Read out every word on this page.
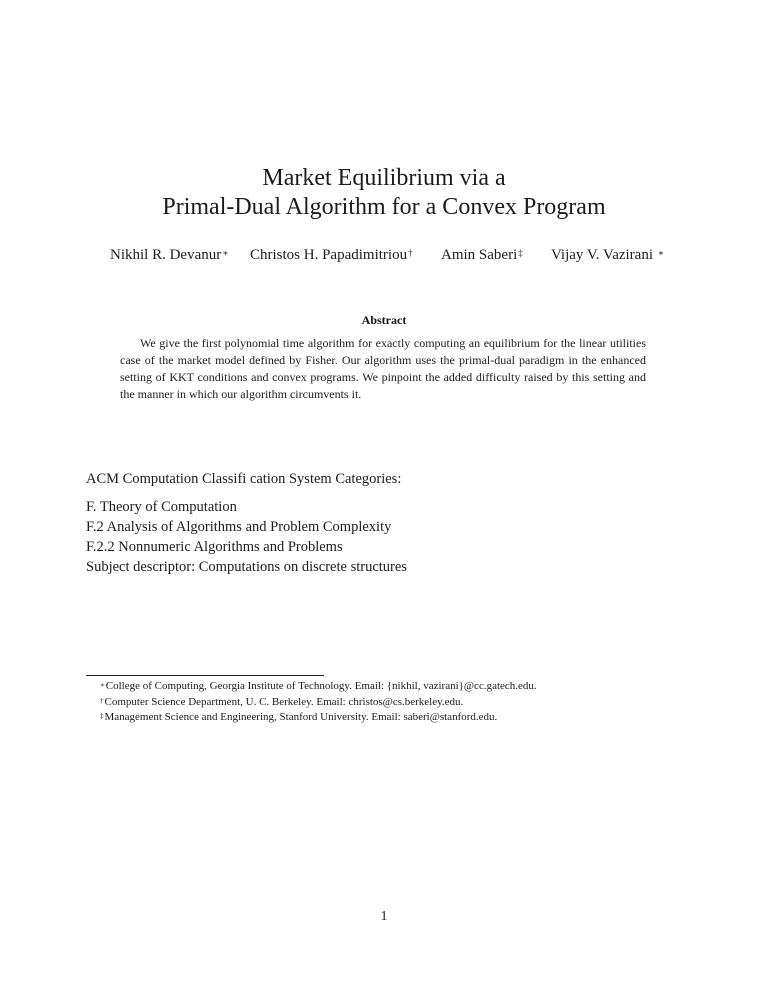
Market Equilibrium via a
Primal-Dual Algorithm for a Convex Program
Nikhil R. Devanur∗ Christos H. Papadimitriou† Amin Saberi‡ Vijay V. Vazirani ∗
Abstract

We give the first polynomial time algorithm for exactly computing an equilibrium for the linear utilities case of the market model defined by Fisher. Our algorithm uses the primal-dual paradigm in the enhanced setting of KKT conditions and convex programs. We pinpoint the added difficulty raised by this setting and the manner in which our algorithm circumvents it.

ACM Computation Classifi cation System Categories:
F. Theory of Computation
F.2 Analysis of Algorithms and Problem Complexity
F.2.2 Nonnumeric Algorithms and Problems
Subject descriptor: Computations on discrete structures
∗College of Computing, Georgia Institute of Technology. Email: {nikhil, vazirani}@cc.gatech.edu.
†Computer Science Department, U. C. Berkeley. Email: christos@cs.berkeley.edu.
‡Management Science and Engineering, Stanford University. Email: saberi@stanford.edu.
1
